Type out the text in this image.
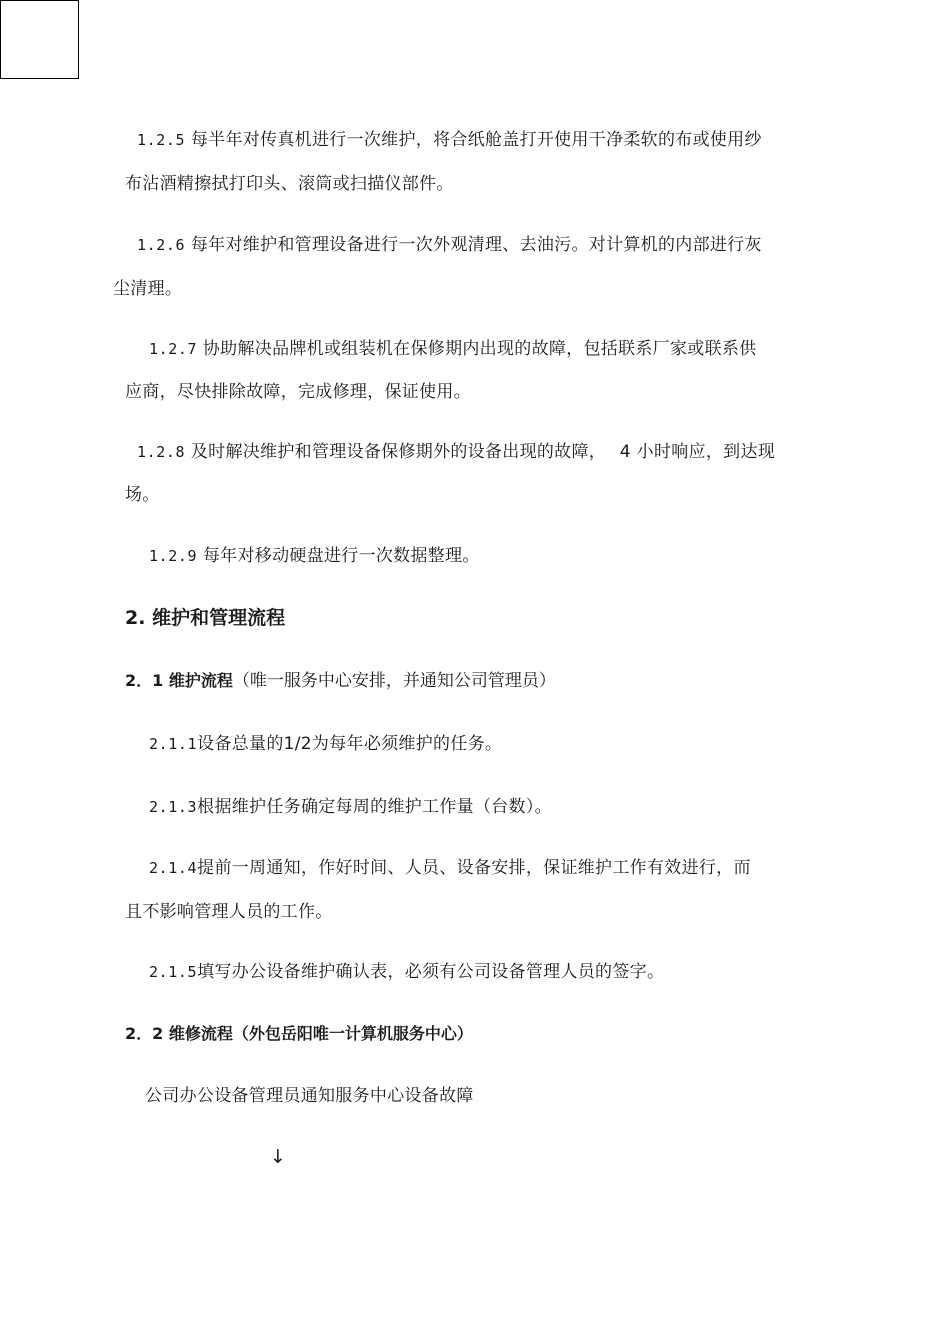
1.2.5 每半年对传真机进行一次维护，将合纸舱盖打开使用干净柔软的布或使用纱
布沾酒精擦拭打印头、滚筒或扫描仪部件。
1.2.6 每年对维护和管理设备进行一次外观清理、去油污。对计算机的内部进行灰
尘清理。
1.2.7 协助解决品牌机或组装机在保修期内出现的故障，包括联系厂家或联系供
应商，尽快排除故障，完成修理，保证使用。
1.2.8 及时解决维护和管理设备保修期外的设备出现的故障， 4 小时响应，到达现
场。
1.2.9 每年对移动硬盘进行一次数据整理。
2. 维护和管理流程
2．1 维护流程（唯一服务中心安排，并通知公司管理员）
2.1.1设备总量的1/2为每年必须维护的任务。
2.1.3根据维护任务确定每周的维护工作量（台数）。
2.1.4提前一周通知，作好时间、人员、设备安排，保证维护工作有效进行，而
且不影响管理人员的工作。
2.1.5填写办公设备维护确认表，必须有公司设备管理人员的签字。
2．2 维修流程（外包岳阳唯一计算机服务中心）
公司办公设备管理员通知服务中心设备故障
↓
